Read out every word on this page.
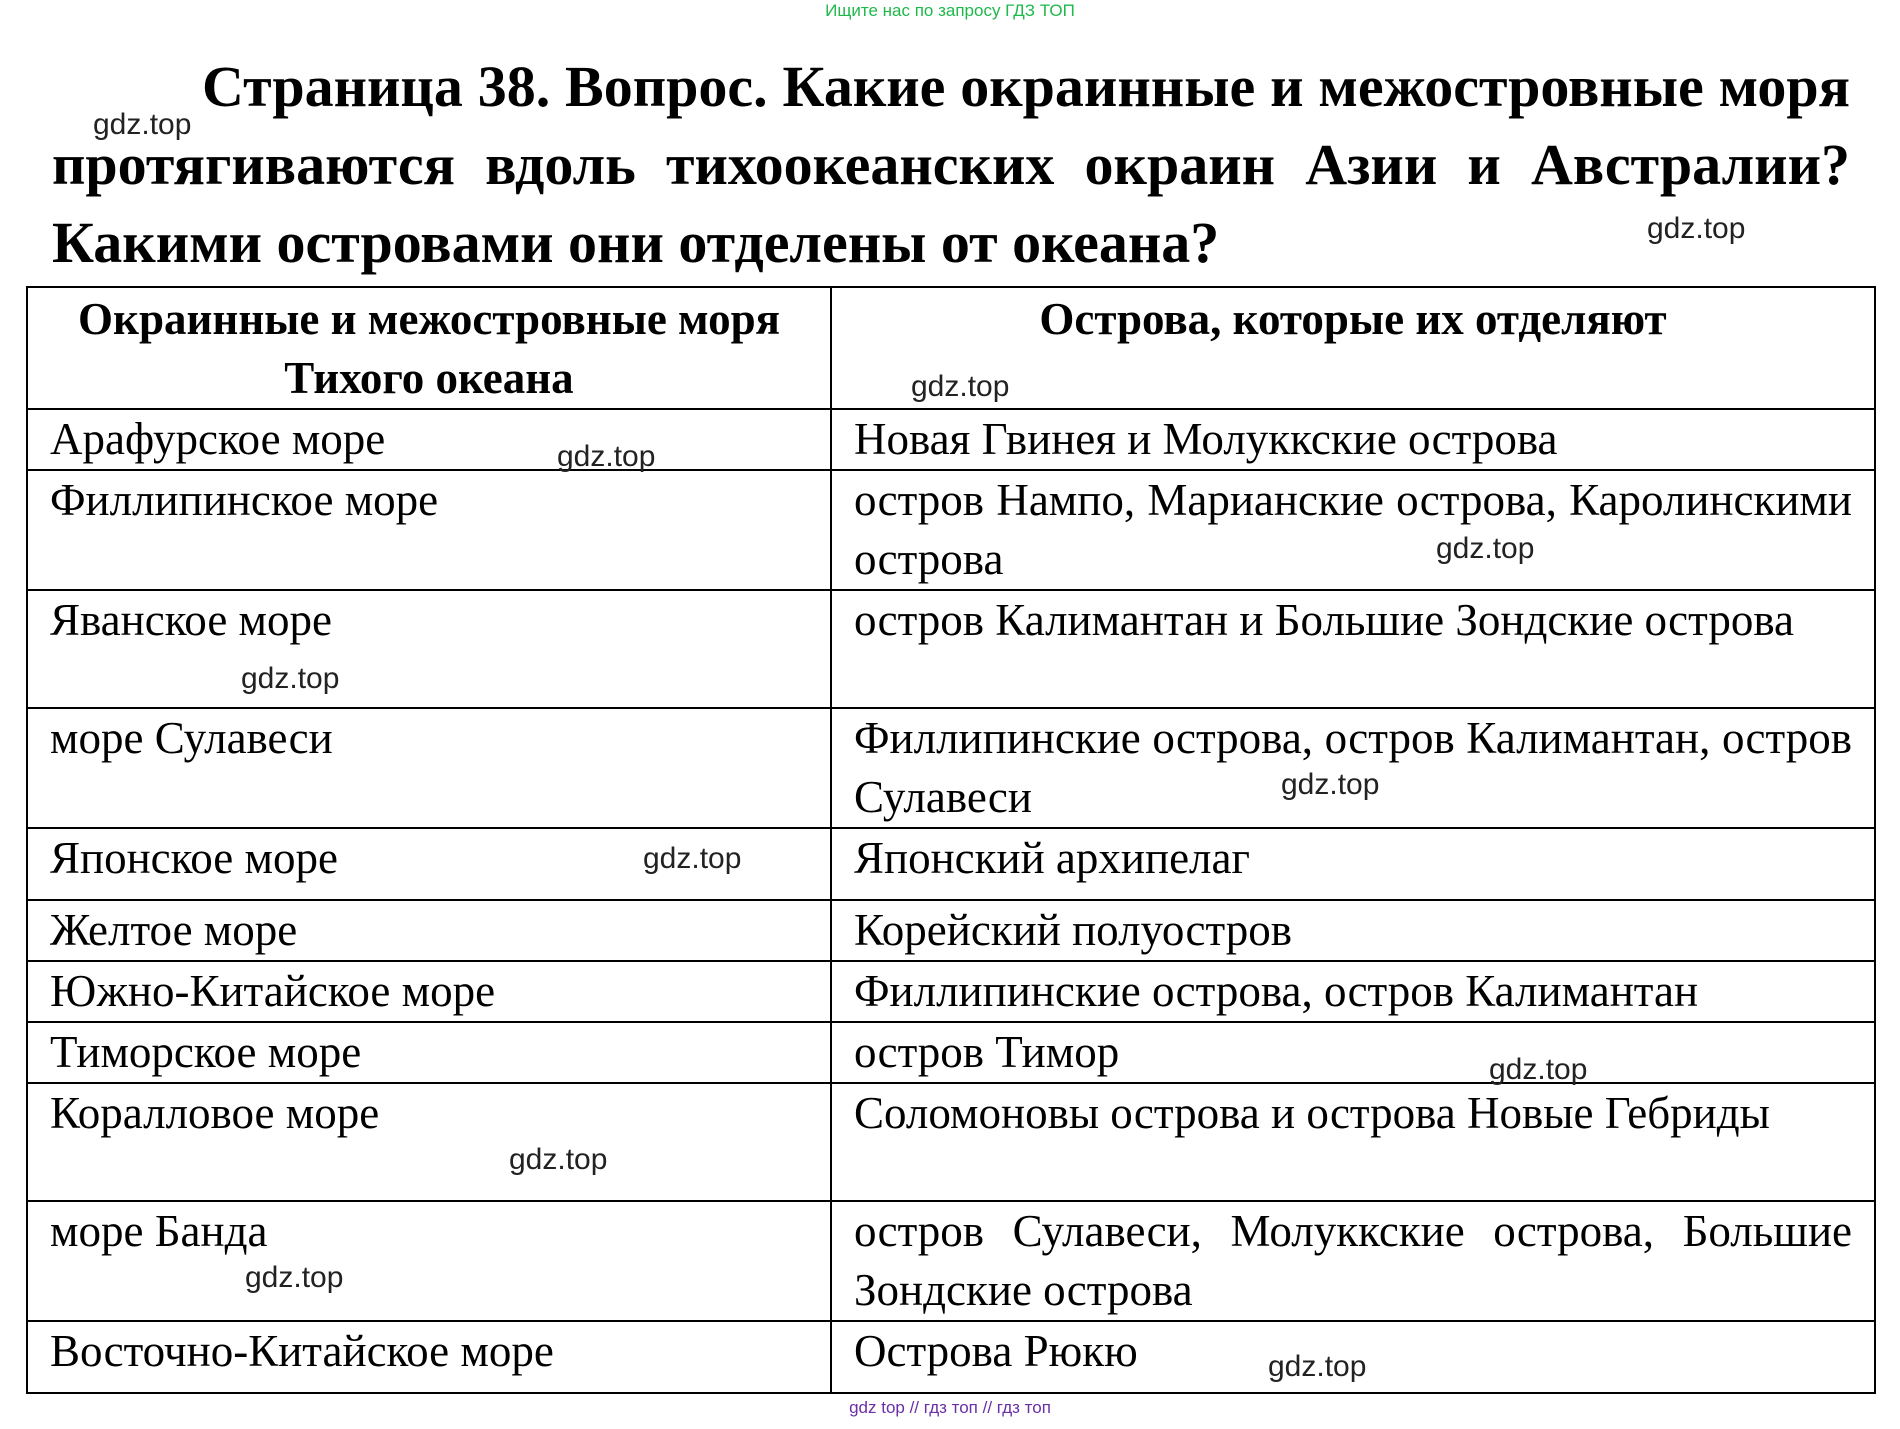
Ищите нас по запросу ГДЗ ТОП

Страница 38. Вопрос. Какие окраинные и межостровные моря протягиваются вдоль тихоокеанских окраин Азии и Австралии? Какими островами они отделены от океана?

Окраинные и межостровные моря Тихого океана	Острова, которые их отделяют
Арафурское море	Новая Гвинея и Молуккские острова
Филлипинское море	остров Нампо, Марианские острова, Каролинскими острова
Яванское море	остров Калимантан и Большие Зондские острова
море Сулавеси	Филлипинские острова, остров Калимантан, остров Сулавеси
Японское море	Японский архипелаг
Желтое море	Корейский полуостров
Южно-Китайское море	Филлипинские острова, остров Калимантан
Тиморское море	остров Тимор
Коралловое море	Соломоновы острова и острова Новые Гебриды
море Банда	остров Сулавеси, Молуккские острова, Большие Зондские острова
Восточно-Китайское море	Острова Рюкю
gdz.top
gdz.top
gdz.top
gdz.top
gdz.top
gdz.top
gdz.top
gdz.top
gdz.top
gdz.top
gdz.top
gdz.top
gdz top // гдз топ // гдз топ
